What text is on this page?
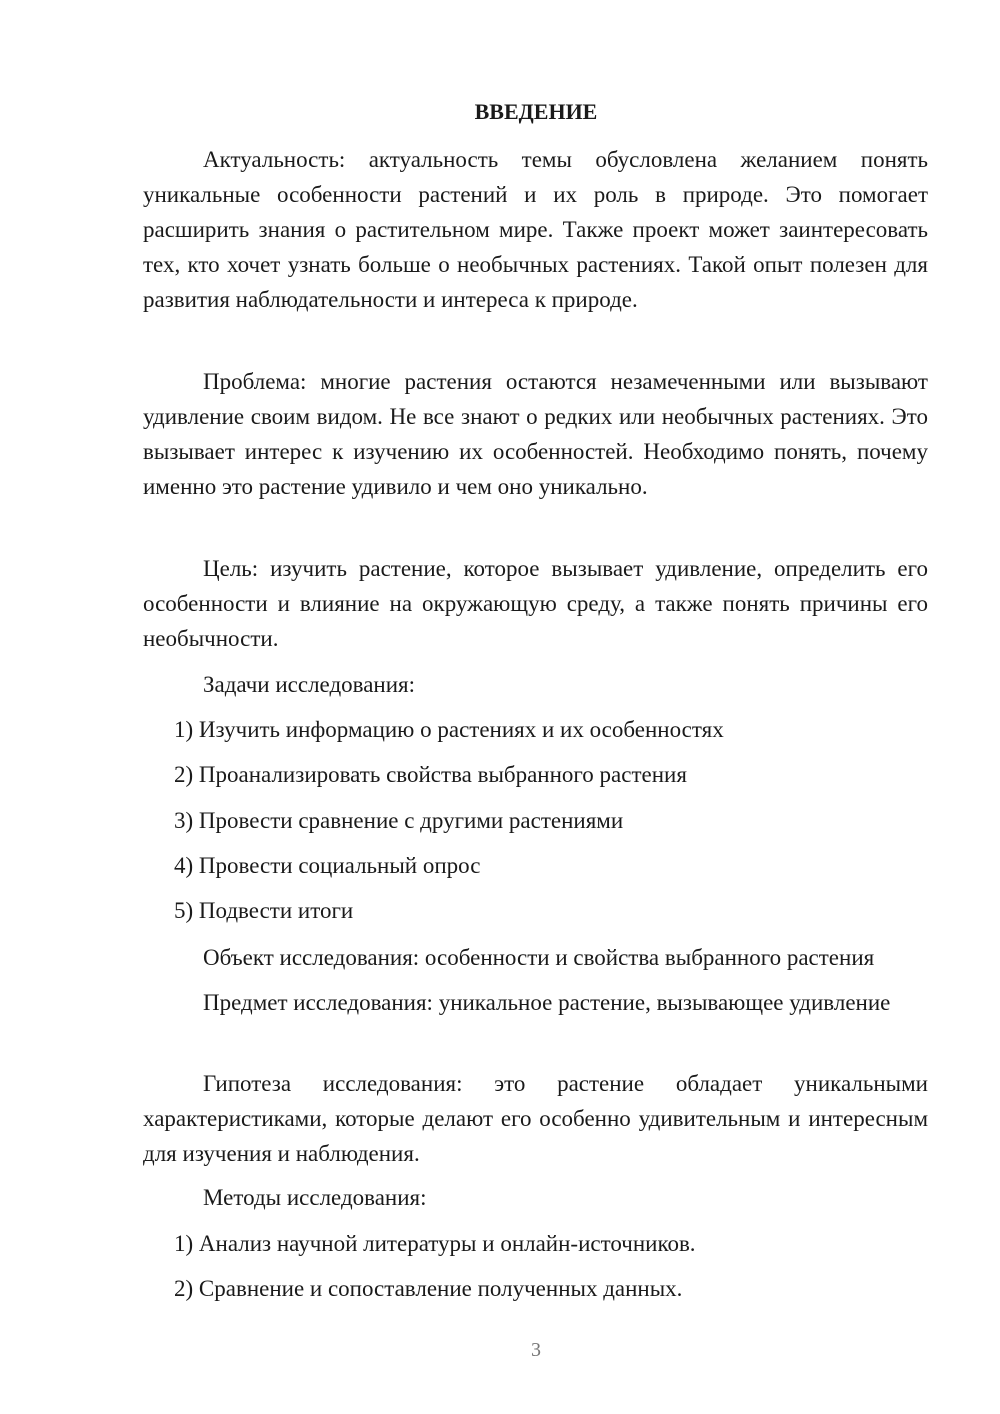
ВВЕДЕНИЕ

Актуальность: актуальность темы обусловлена желанием понять уникальные особенности растений и их роль в природе. Это помогает расширить знания о растительном мире. Также проект может заинтересовать тех, кто хочет узнать больше о необычных растениях. Такой опыт полезен для развития наблюдательности и интереса к природе.

Проблема: многие растения остаются незамеченными или вызывают удивление своим видом. Не все знают о редких или необычных растениях. Это вызывает интерес к изучению их особенностей. Необходимо понять, почему именно это растение удивило и чем оно уникально.

Цель: изучить растение, которое вызывает удивление, определить его особенности и влияние на окружающую среду, а также понять причины его необычности.

Задачи исследования:

1) Изучить информацию о растениях и их особенностях

2) Проанализировать свойства выбранного растения

3) Провести сравнение с другими растениями

4) Провести социальный опрос

5) Подвести итоги

Объект исследования: особенности и свойства выбранного растения

Предмет исследования: уникальное растение, вызывающее удивление

Гипотеза исследования: это растение обладает уникальными характеристиками, которые делают его особенно удивительным и интересным для изучения и наблюдения.

Методы исследования:

1) Анализ научной литературы и онлайн-источников.

2) Сравнение и сопоставление полученных данных.

3
